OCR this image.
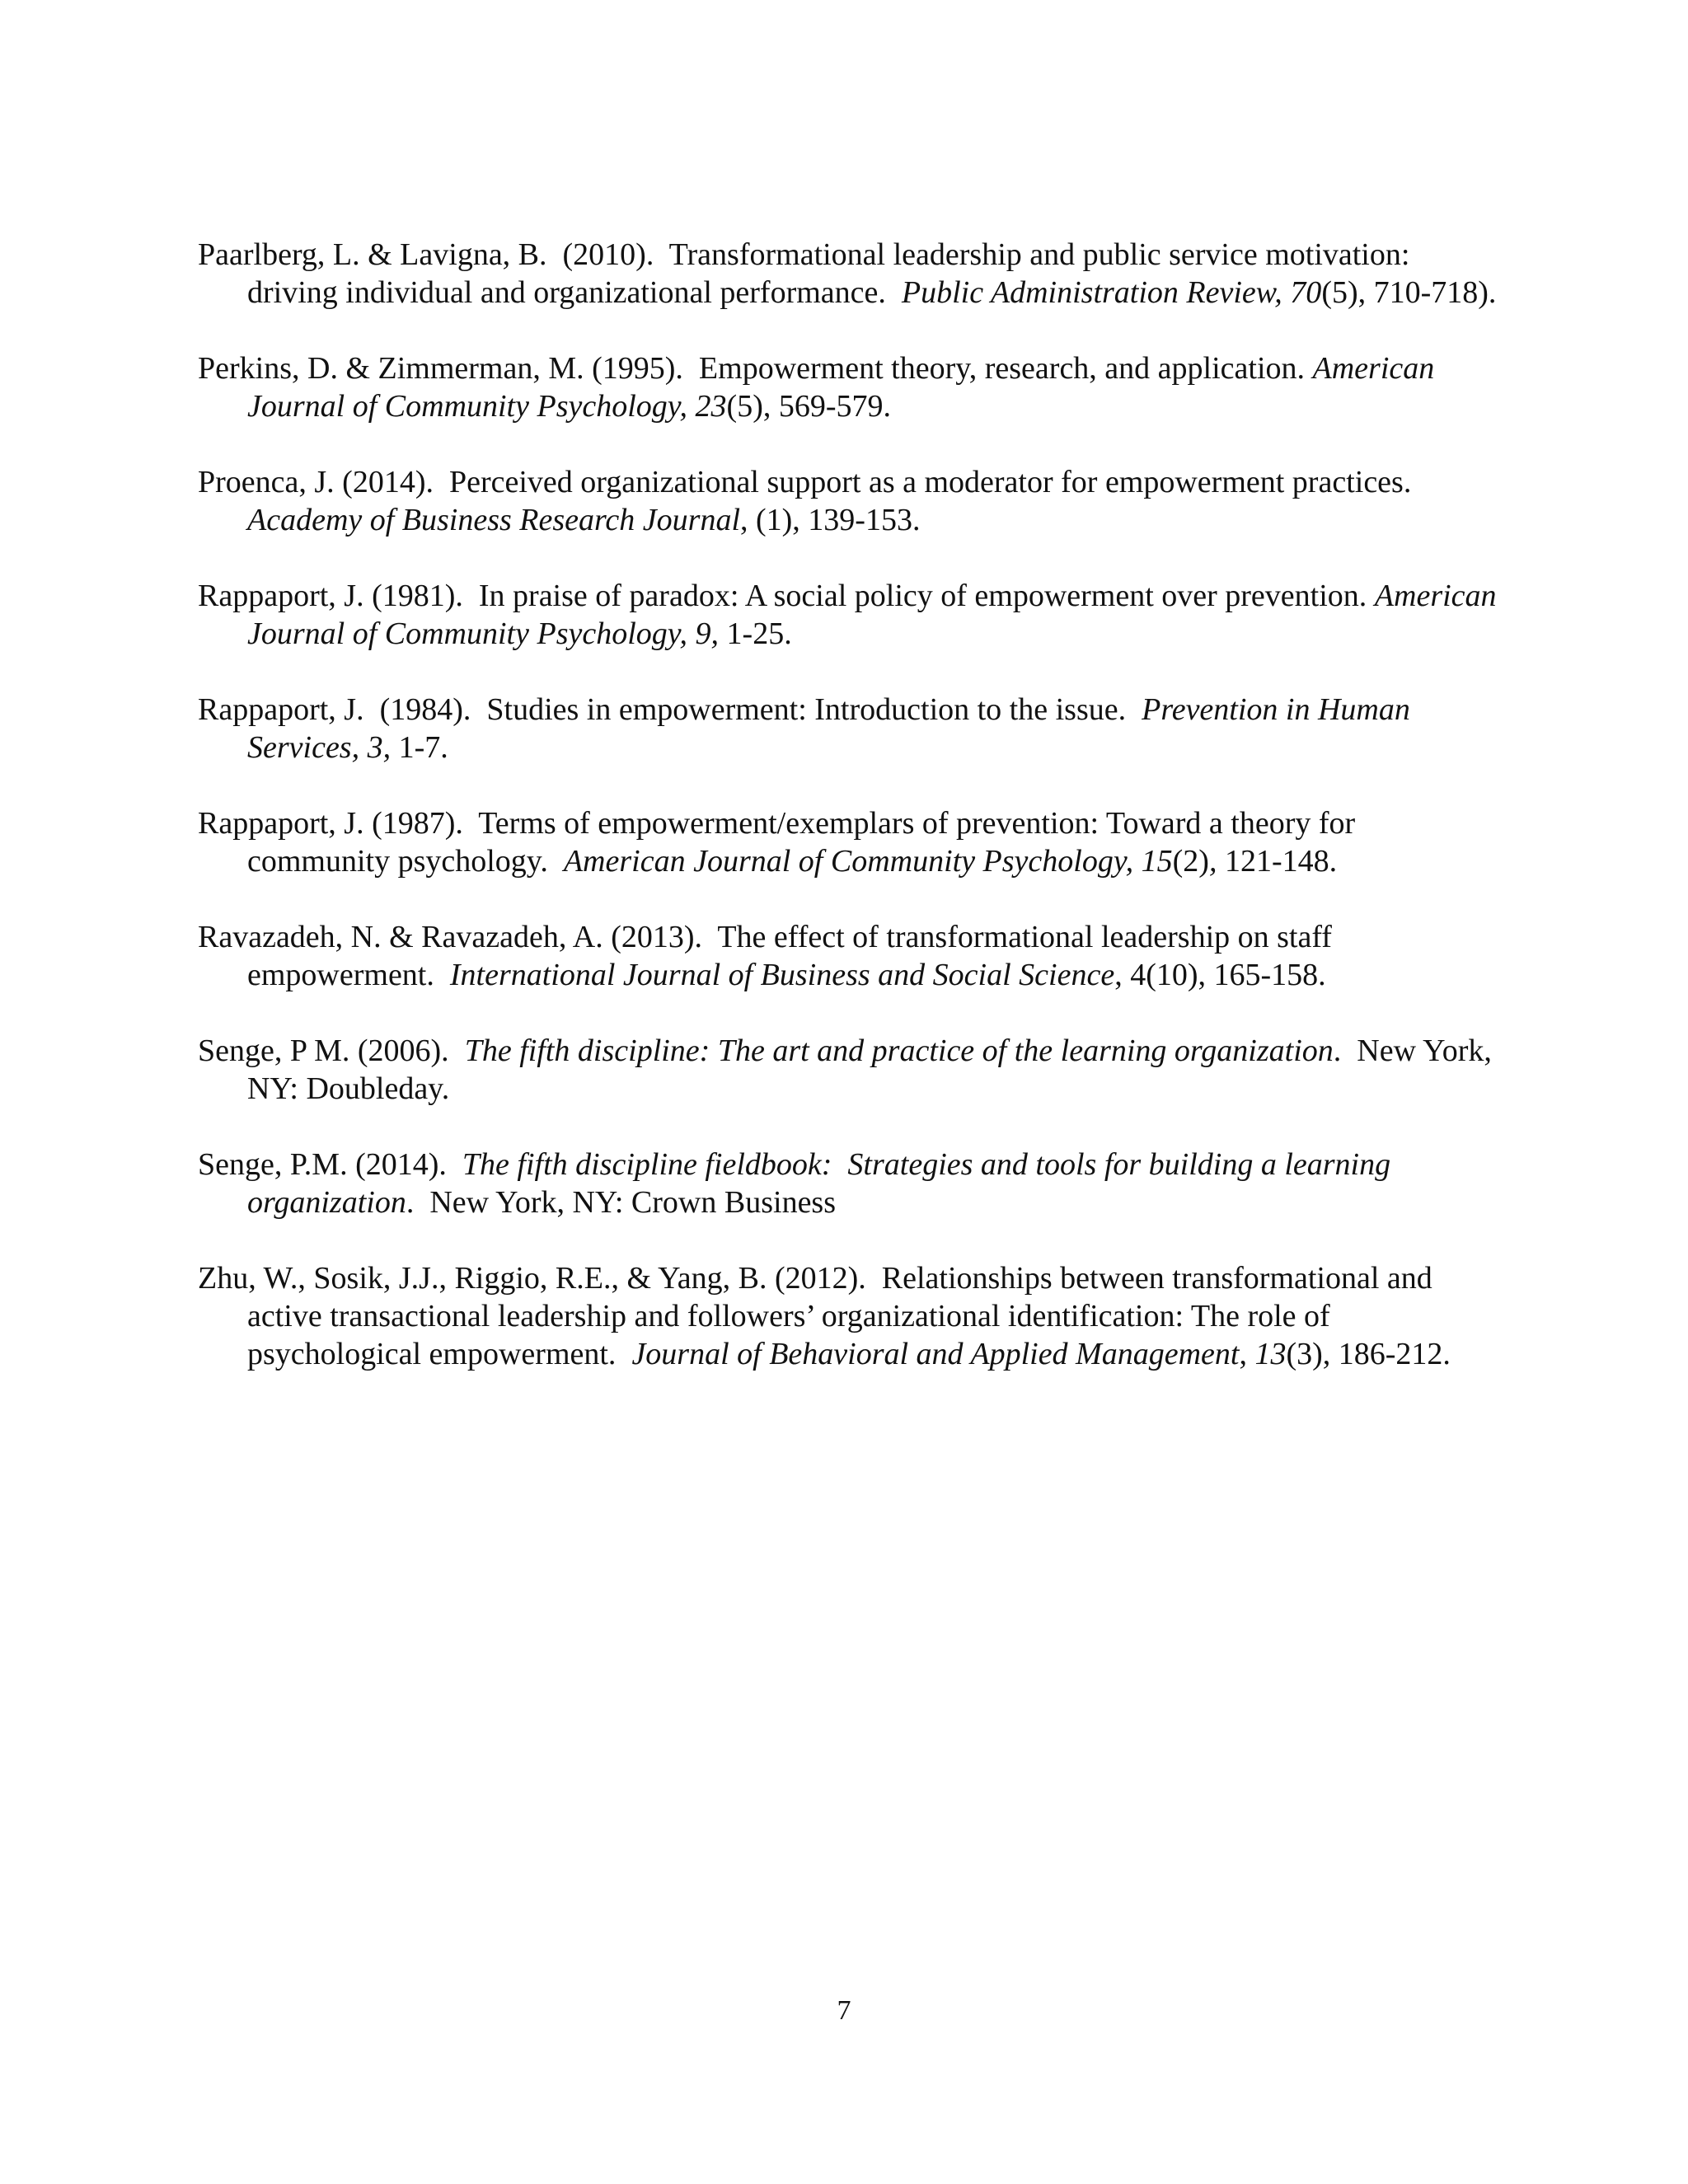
Paarlberg, L. & Lavigna, B.  (2010).  Transformational leadership and public service motivation: driving individual and organizational performance.  Public Administration Review, 70(5), 710-718).

Perkins, D. & Zimmerman, M. (1995).  Empowerment theory, research, and application. American Journal of Community Psychology, 23(5), 569-579.

Proenca, J. (2014).  Perceived organizational support as a moderator for empowerment practices. Academy of Business Research Journal, (1), 139-153.

Rappaport, J. (1981).  In praise of paradox: A social policy of empowerment over prevention. American Journal of Community Psychology, 9, 1-25.

Rappaport, J.  (1984).  Studies in empowerment: Introduction to the issue.  Prevention in Human Services, 3, 1-7.

Rappaport, J. (1987).  Terms of empowerment/exemplars of prevention: Toward a theory for community psychology.  American Journal of Community Psychology, 15(2), 121-148.

Ravazadeh, N. & Ravazadeh, A. (2013).  The effect of transformational leadership on staff empowerment.  International Journal of Business and Social Science, 4(10), 165-158.

Senge, P M. (2006).  The fifth discipline: The art and practice of the learning organization.  New York, NY: Doubleday.

Senge, P.M. (2014).  The fifth discipline fieldbook:  Strategies and tools for building a learning organization.  New York, NY: Crown Business

Zhu, W., Sosik, J.J., Riggio, R.E., & Yang, B. (2012).  Relationships between transformational and active transactional leadership and followers’ organizational identification: The role of psychological empowerment.  Journal of Behavioral and Applied Management, 13(3), 186-212.

7
